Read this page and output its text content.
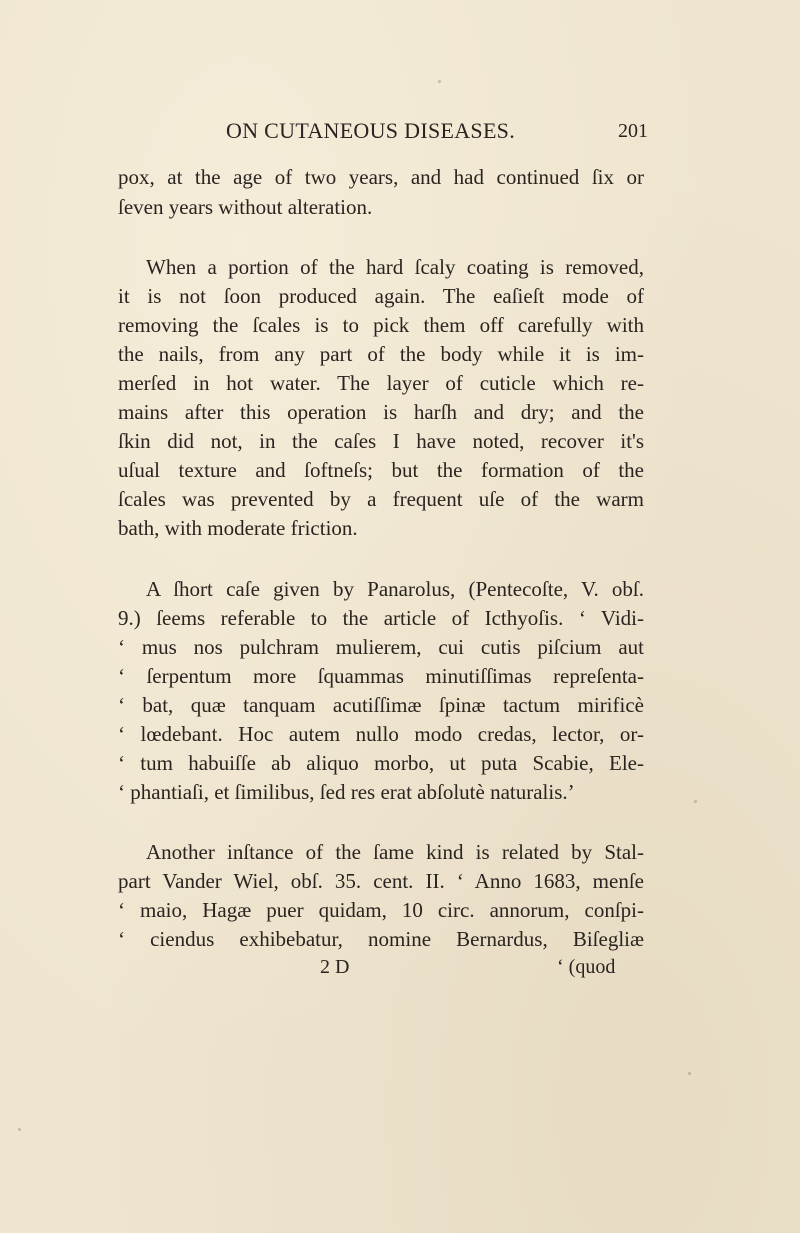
ON CUTANEOUS DISEASES.	201
pox, at the age of two years, and had continued ſix or
ſeven years without alteration.
When a portion of the hard ſcaly coating is removed,
it is not ſoon produced again. The eaſieſt mode of
removing the ſcales is to pick them off carefully with
the nails, from any part of the body while it is im-
merſed in hot water. The layer of cuticle which re-
mains after this operation is harſh and dry; and the
ſkin did not, in the caſes I have noted, recover it's
uſual texture and ſoftneſs; but the formation of the
ſcales was prevented by a frequent uſe of the warm
bath, with moderate friction.
A ſhort caſe given by Panarolus, (Pentecoſte, V. obſ.
9.) ſeems referable to the article of Icthyoſis. ‘ Vidi-
‘ mus nos pulchram mulierem, cui cutis piſcium aut
‘ ſerpentum more ſquammas minutiſſimas repreſenta-
‘ bat, quæ tanquam acutiſſimæ ſpinæ tactum mirificè
‘ lœdebant. Hoc autem nullo modo credas, lector, or-
‘ tum habuiſſe ab aliquo morbo, ut puta Scabie, Ele-
‘ phantiaſi, et ſimilibus, ſed res erat abſolutè naturalis.’
Another inſtance of the ſame kind is related by Stal-
part Vander Wiel, obſ. 35. cent. II. ‘ Anno 1683, menſe
‘ maio, Hagæ puer quidam, 10 circ. annorum, conſpi-
‘ ciendus exhibebatur, nomine Bernardus, Biſegliæ
2 D	‘ (quod
